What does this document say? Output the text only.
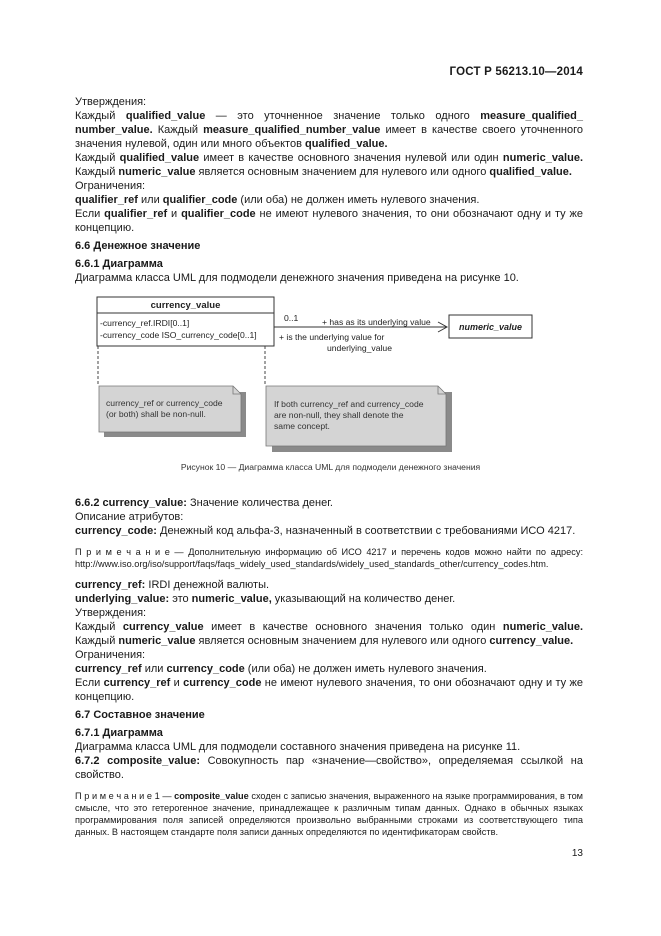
ГОСТ Р 56213.10—2014

Утверждения:

Каждый qualified_value — это уточненное значение только одного measure_qualified_ number_value. Каждый measure_qualified_number_value имеет в качестве своего уточненного значения нулевой, один или много объектов qualified_value.

Каждый qualified_value имеет в качестве основного значения нулевой или один numeric_value. Каждый numeric_value является основным значением для нулевого или одного qualified_value.

Ограничения:

qualifier_ref или qualifier_code (или оба) не должен иметь нулевого значения.

Если qualifier_ref и qualifier_code не имеют нулевого значения, то они обозначают одну и ту же концепцию.

6.6 Денежное значение

6.6.1 Диаграмма

Диаграмма класса UML для подмодели денежного значения приведена на рисунке 10.

currency_value
-currency_ref.IRDI[0..1]
-currency_code ISO_currency_code[0..1]
0..1	+ has as its underlying value
+ is the underlying value for
underlying_value
numeric_value
currency_ref or currency_code
(or both) shall be non-null.
If both currency_ref and currency_code
are non-null, they shall denote the
same concept.
Рисунок 10 — Диаграмма класса UML для подмодели денежного значения

6.6.2 currency_value: Значение количества денег.

Описание атрибутов:

currency_code: Денежный код альфа-3, назначенный в соответствии с требованиями ИСО 4217.

П р и м е ч а н и е — Дополнительную информацию об ИСО 4217 и перечень кодов можно найти по адресу: http://www.iso.org/iso/support/faqs/faqs_widely_used_standards/widely_used_standards_other/currency_codes.htm.

currency_ref: IRDI денежной валюты.

underlying_value: это numeric_value, указывающий на количество денег.

Утверждения:

Каждый currency_value имеет в качестве основного значения только один numeric_value. Каждый numeric_value является основным значением для нулевого или одного currency_value.

Ограничения:

currency_ref или currency_code (или оба) не должен иметь нулевого значения.

Если currency_ref и currency_code не имеют нулевого значения, то они обозначают одну и ту же концепцию.

6.7 Составное значение

6.7.1 Диаграмма

Диаграмма класса UML для подмодели составного значения приведена на рисунке 11.

6.7.2 composite_value: Совокупность пар «значение—свойство», определяемая ссылкой на свойство.

П р и м е ч а н и е 1 — composite_value сходен с записью значения, выраженного на языке программирования, в том смысле, что это гетерогенное значение, принадлежащее к различным типам данных. Однако в обычных языках программирования поля записей определяются произвольно выбранными строками из соответствующего типа данных. В настоящем стандарте поля записи данных определяются по идентификаторам свойств.

13
